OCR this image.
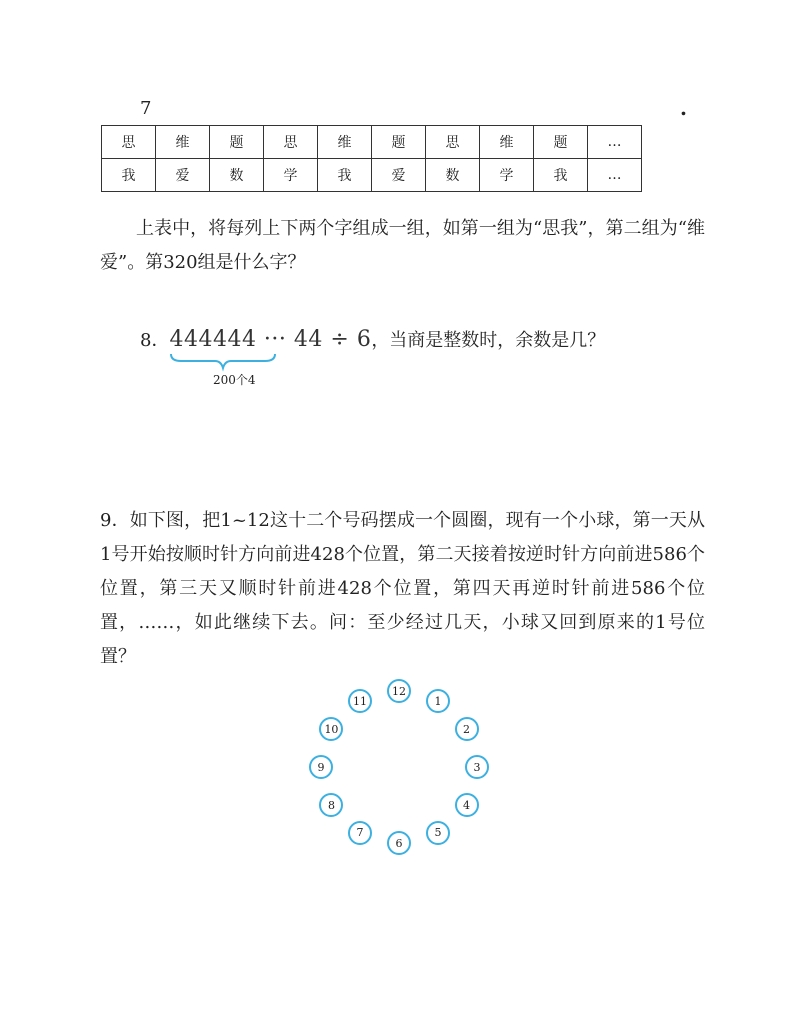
7	.
思	维	题	思	维	题	思	维	题	…
我	爱	数	学	我	爱	数	学	我	…
上表中，将每列上下两个字组成一组，如第一组为“思我”，第二组为“维爱”。第320组是什么字？
8．444444 ··· 44 ÷ 6，当商是整数时，余数是几？
200个4
9．如下图，把1~12这十二个号码摆成一个圆圈，现有一个小球，第一天从1号开始按顺时针方向前进428个位置，第二天接着按逆时针方向前进586个位置，第三天又顺时针前进428个位置，第四天再逆时针前进586个位置，……，如此继续下去。问：至少经过几天，小球又回到原来的1号位置？
12
1
2
3
4
5
6
7
8
9
10
11
